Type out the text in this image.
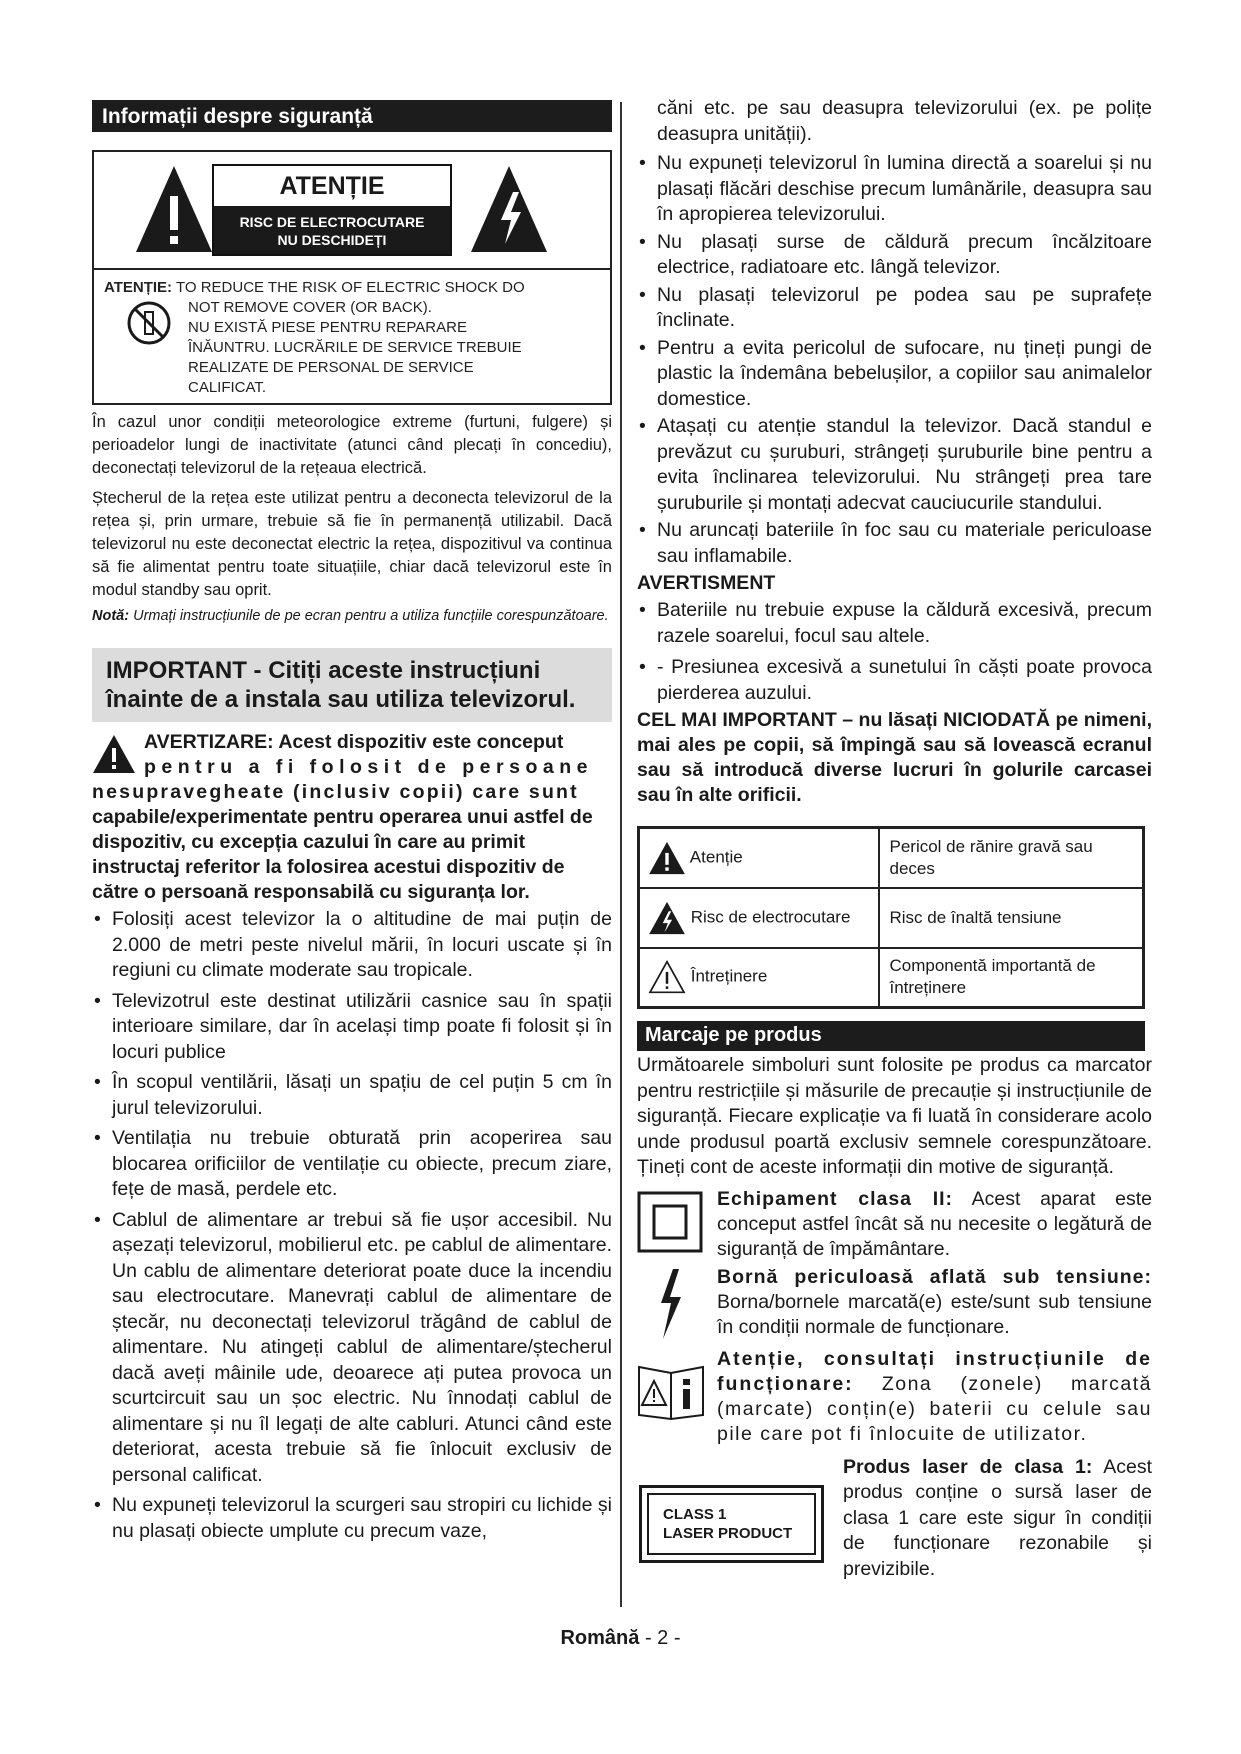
Informații despre siguranță
ATENȚIE
RISC DE ELECTROCUTARE
NU DESCHIDEȚI
ATENȚIE: TO REDUCE THE RISK OF ELECTRIC SHOCK DO
NOT REMOVE COVER (OR BACK).
NU EXISTĂ PIESE PENTRU REPARARE
ÎNĂUNTRU. LUCRĂRILE DE SERVICE TREBUIE
REALIZATE DE PERSONAL DE SERVICE
CALIFICAT.

În cazul unor condiții meteorologice extreme (furtuni, fulgere) și perioadelor lungi de inactivitate (atunci când plecați în concediu), deconectați televizorul de la rețeaua electrică.

Ștecherul de la rețea este utilizat pentru a deconecta televizorul de la rețea și, prin urmare, trebuie să fie în permanență utilizabil. Dacă televizorul nu este deconectat electric la rețea, dispozitivul va continua să fie alimentat pentru toate situațiile, chiar dacă televizorul este în modul standby sau oprit.

Notă: Urmați instrucțiunile de pe ecran pentru a utiliza funcțiile corespunzătoare.

IMPORTANT - Citiți aceste instrucțiuni înainte de a instala sau utiliza televizorul.
AVERTIZARE: Acest dispozitiv este conceput
pentru a fi folosit de persoane
nesupravegheate (inclusiv copii) care sunt
capabile/experimentate pentru operarea unui astfel de dispozitiv, cu excepția cazului în care au primit instructaj referitor la folosirea acestui dispozitiv de către o persoană responsabilă cu siguranța lor.
• Folosiți acest televizor la o altitudine de mai puțin de 2.000 de metri peste nivelul mării, în locuri uscate și în regiuni cu climate moderate sau tropicale.
• Televizotrul este destinat utilizării casnice sau în spații interioare similare, dar în același timp poate fi folosit și în locuri publice
• În scopul ventilării, lăsați un spațiu de cel puțin 5 cm în jurul televizorului.
• Ventilația nu trebuie obturată prin acoperirea sau blocarea orificiilor de ventilație cu obiecte, precum ziare, fețe de masă, perdele etc.
• Cablul de alimentare ar trebui să fie ușor accesibil. Nu așezați televizorul, mobilierul etc. pe cablul de alimentare. Un cablu de alimentare deteriorat poate duce la incendiu sau electrocutare. Manevrați cablul de alimentare de ștecăr, nu deconectați televizorul trăgând de cablul de alimentare. Nu atingeți cablul de alimentare/ștecherul dacă aveți mâinile ude, deoarece ați putea provoca un scurtcircuit sau un șoc electric. Nu înnodați cablul de alimentare și nu îl legați de alte cabluri. Atunci când este deteriorat, acesta trebuie să fie înlocuit exclusiv de personal calificat.
• Nu expuneți televizorul la scurgeri sau stropiri cu lichide și nu plasați obiecte umplute cu precum vaze,

căni etc. pe sau deasupra televizorului (ex. pe polițe deasupra unității).

• Nu expuneți televizorul în lumina directă a soarelui și nu plasați flăcări deschise precum lumânările, deasupra sau în apropierea televizorului.
• Nu plasați surse de căldură precum încălzitoare electrice, radiatoare etc. lângă televizor.
• Nu plasați televizorul pe podea sau pe suprafețe înclinate.
• Pentru a evita pericolul de sufocare, nu țineți pungi de plastic la îndemâna bebelușilor, a copiilor sau animalelor domestice.
• Atașați cu atenție standul la televizor. Dacă standul e prevăzut cu șuruburi, strângeți șuruburile bine pentru a evita înclinarea televizorului. Nu strângeți prea tare șuruburile și montați adecvat cauciucurile standului.
• Nu aruncați bateriile în foc sau cu materiale periculoase sau inflamabile.
AVERTISMENT
• Bateriile nu trebuie expuse la căldură excesivă, precum razele soarelui, focul sau altele.
• - Presiunea excesivă a sunetului în căști poate provoca pierderea auzului.

CEL MAI IMPORTANT – nu lăsați NICIODATĂ pe nimeni, mai ales pe copii, să împingă sau să lovească ecranul sau să introducă diverse lucruri în golurile carcasei sau în alte orificii.

Atenție	Pericol de rănire gravă sau deces
Risc de electrocutare	Risc de înaltă tensiune
Întreținere	Componentă importantă de întreținere
Marcaje pe produs

Următoarele simboluri sunt folosite pe produs ca marcator pentru restricțiile și măsurile de precauție și instrucțiunile de siguranță. Fiecare explicație va fi luată în considerare acolo unde produsul poartă exclusiv semnele corespunzătoare. Țineți cont de aceste informații din motive de siguranță.

Echipament clasa II: Acest aparat este conceput astfel încât să nu necesite o legătură de siguranță de împământare.

Bornă periculoasă aflată sub tensiune: Borna/bornele marcată(e) este/sunt sub tensiune în condiții normale de funcționare.

Atenție, consultați instrucțiunile de funcționare: Zona (zonele) marcată (marcate) conțin(e) baterii cu celule sau pile care pot fi înlocuite de utilizator.

CLASS 1
LASER PRODUCT

Produs laser de clasa 1: Acest produs conține o sursă laser de clasa 1 care este sigur în condiții de funcționare rezonabile și previzibile.

Română - 2 -
